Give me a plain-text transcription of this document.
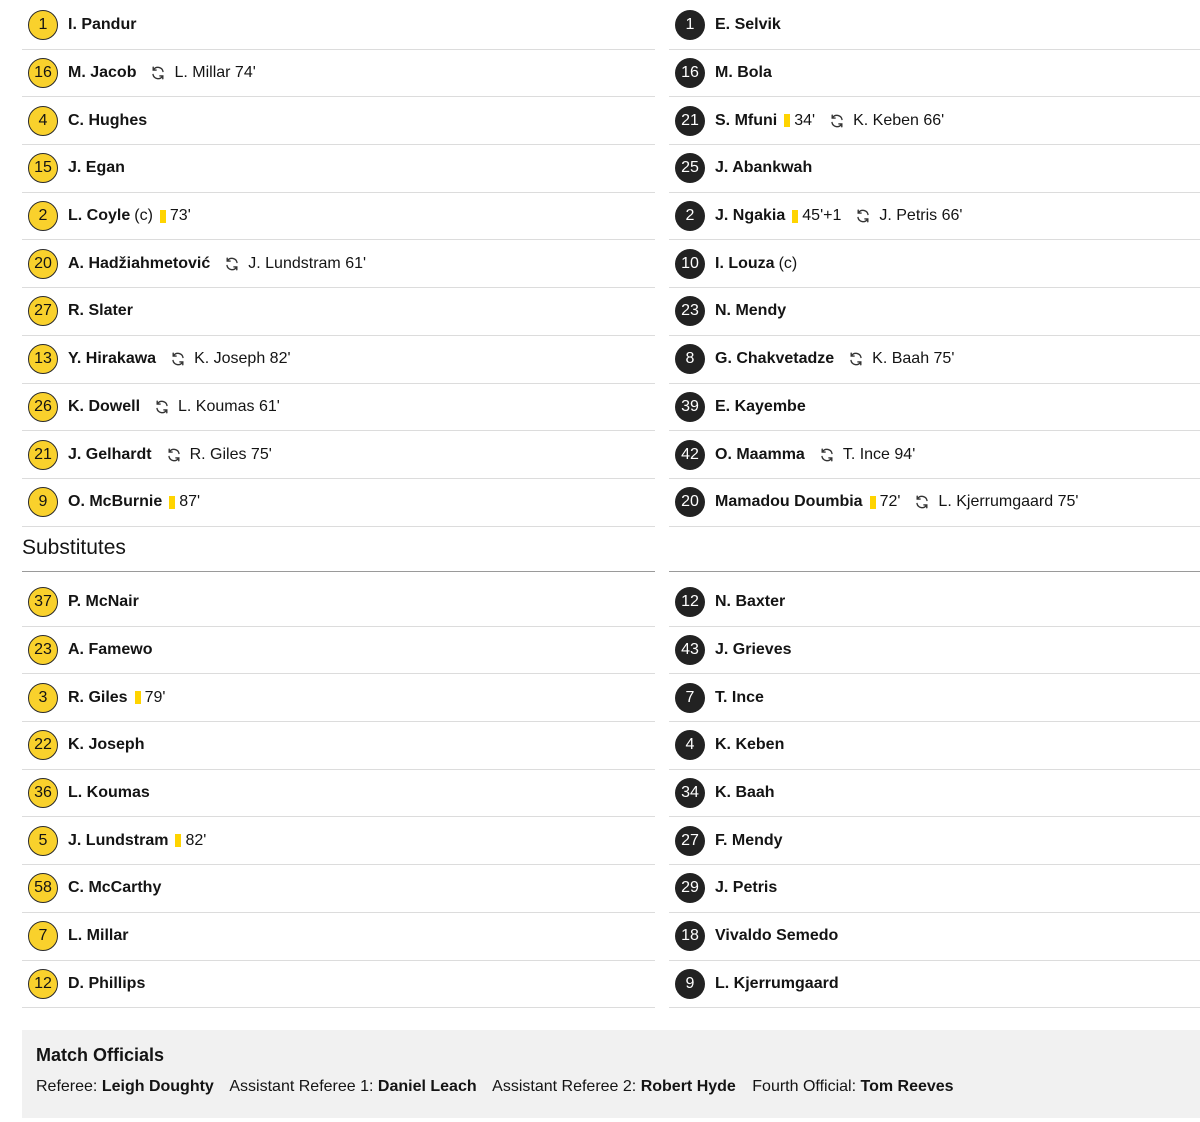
1	I. Pandur
16	M. Jacob L. Millar 74'
4	C. Hughes
15	J. Egan
2	L. Coyle (c) 73'
20	A. Hadžiahmetović J. Lundstram 61'
27	R. Slater
13	Y. Hirakawa K. Joseph 82'
26	K. Dowell L. Koumas 61'
21	J. Gelhardt R. Giles 75'
9	O. McBurnie 87'
1	E. Selvik
16	M. Bola
21	S. Mfuni 34' K. Keben 66'
25	J. Abankwah
2	J. Ngakia 45'+1 J. Petris 66'
10	I. Louza (c)
23	N. Mendy
8	G. Chakvetadze K. Baah 75'
39	E. Kayembe
42	O. Maamma T. Ince 94'
20	Mamadou Doumbia 72' L. Kjerrumgaard 75'
Substitutes
37	P. McNair
23	A. Famewo
3	R. Giles 79'
22	K. Joseph
36	L. Koumas
5	J. Lundstram 82'
58	C. McCarthy
7	L. Millar
12	D. Phillips
12	N. Baxter
43	J. Grieves
7	T. Ince
4	K. Keben
34	K. Baah
27	F. Mendy
29	J. Petris
18	Vivaldo Semedo
9	L. Kjerrumgaard
Match Officials
Referee: Leigh Doughty Assistant Referee 1: Daniel Leach Assistant Referee 2: Robert Hyde Fourth Official: Tom Reeves
